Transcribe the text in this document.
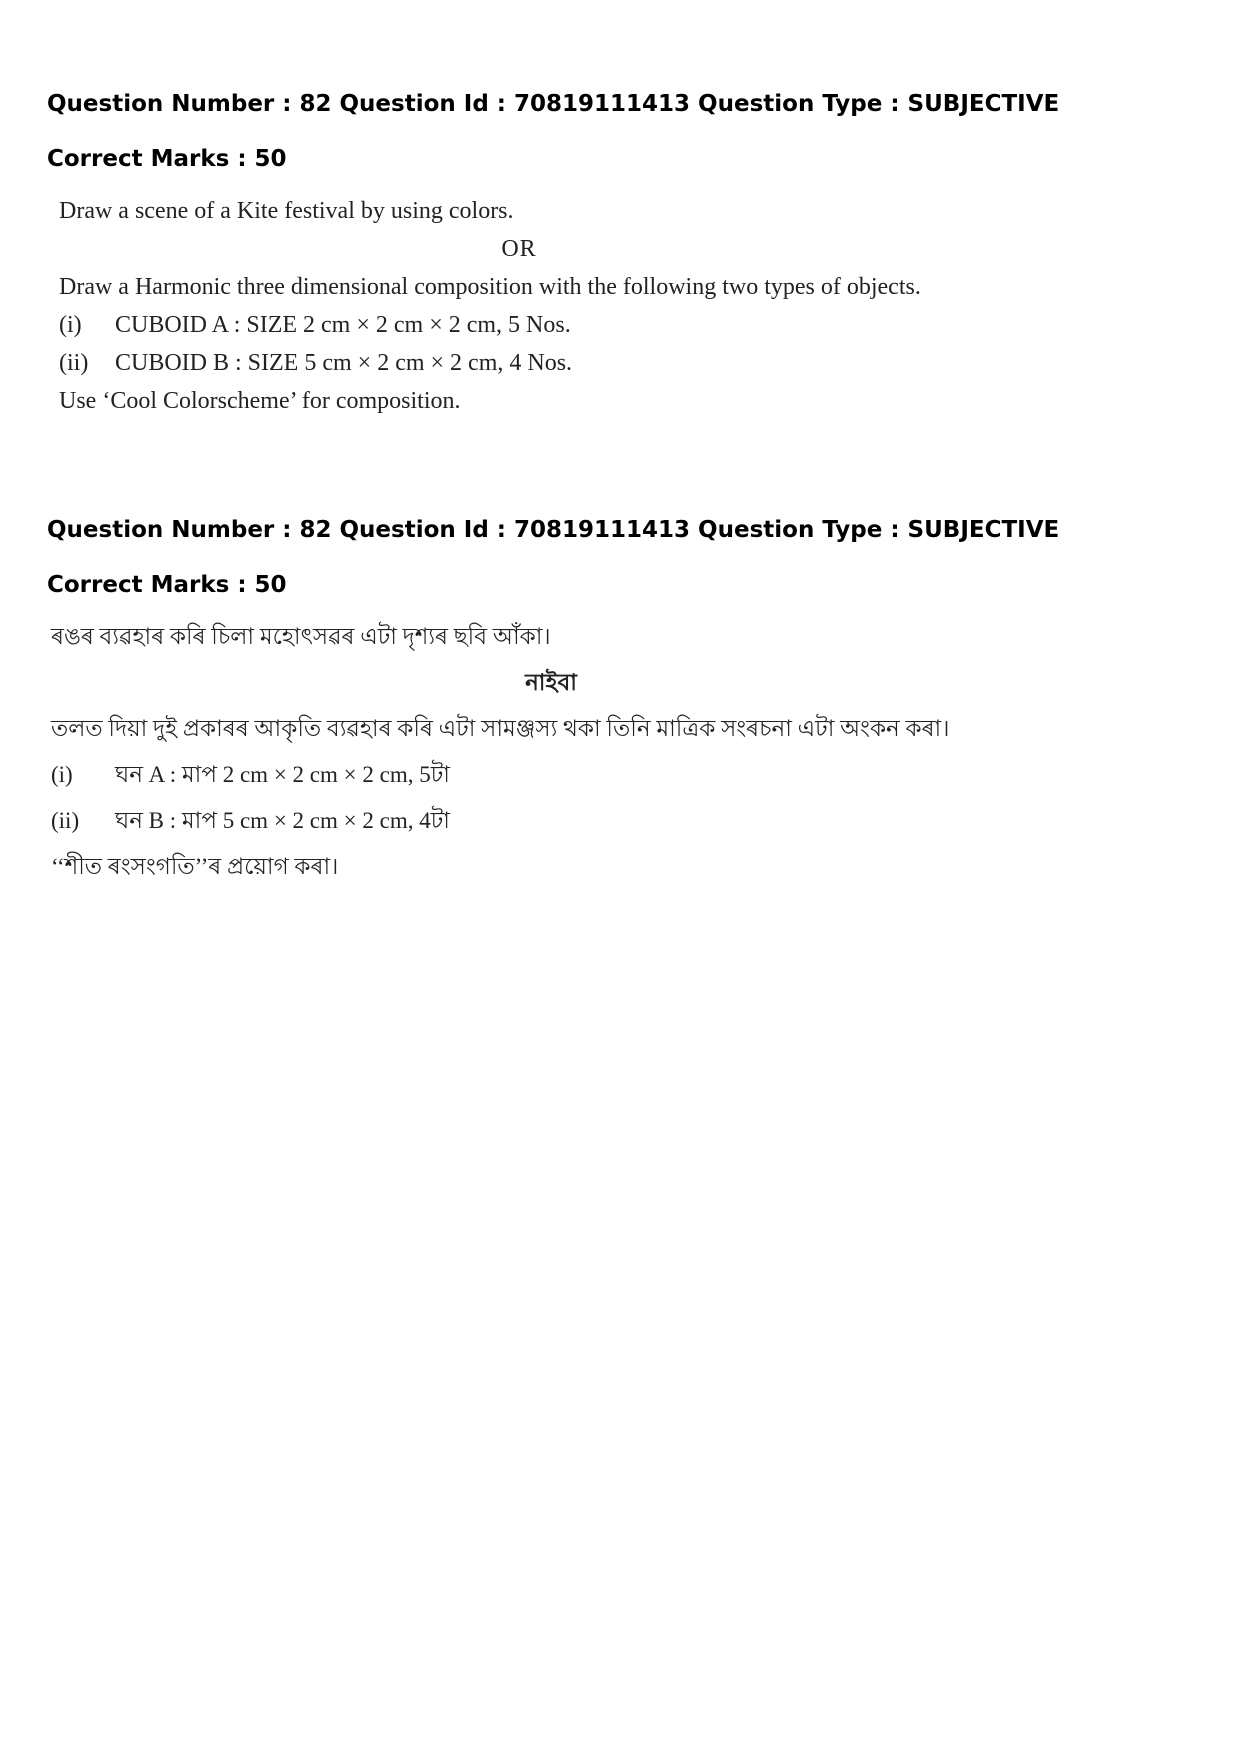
Question Number : 82 Question Id : 70819111413 Question Type : SUBJECTIVE
Correct Marks : 50
Draw a scene of a Kite festival by using colors.
OR
Draw a Harmonic three dimensional composition with the following two types of objects.
(i)	CUBOID A : SIZE 2 cm × 2 cm × 2 cm, 5 Nos.
(ii)	CUBOID B : SIZE 5 cm × 2 cm × 2 cm, 4 Nos.
Use ‘Cool Colorscheme’ for composition.
Question Number : 82 Question Id : 70819111413 Question Type : SUBJECTIVE
Correct Marks : 50
ৰঙৰ ব্যৱহাৰ কৰি চিলা মহোৎসৱৰ এটা দৃশ্যৰ ছবি আঁকা।
নাইবা
তলত দিয়া দুই প্ৰকাৰৰ আকৃতি ব্যৱহাৰ কৰি এটা সামঞ্জস্য থকা তিনি মাত্ৰিক সংৰচনা এটা অংকন কৰা।
(i)	ঘন A : মাপ 2 cm × 2 cm × 2 cm, 5টা
(ii)	ঘন B : মাপ 5 cm × 2 cm × 2 cm, 4টা
‘‘শীত ৰংসংগতি’’ৰ প্ৰয়োগ কৰা।
